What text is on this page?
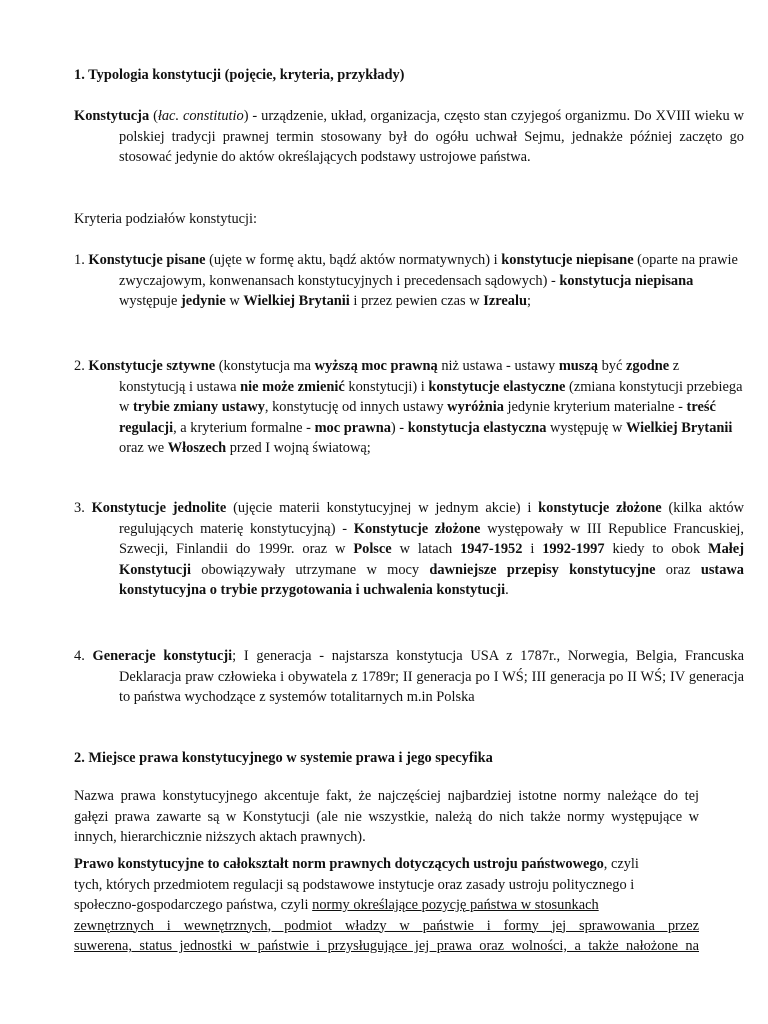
1. Typologia konstytucji (pojęcie, kryteria, przykłady)

Konstytucja (łac. constitutio) - urządzenie, układ, organizacja, często stan czyjegoś organizmu. Do XVIII wieku w polskiej tradycji prawnej termin stosowany był do ogółu uchwał Sejmu, jednakże później zaczęto go stosować jedynie do aktów określających podstawy ustrojowe państwa.

Kryteria podziałów konstytucji:

1. Konstytucje pisane (ujęte w formę aktu, bądź aktów normatywnych) i konstytucje niepisane (oparte na prawie zwyczajowym, konwenansach konstytucyjnych i precedensach sądowych) - konstytucja niepisana występuje jedynie w Wielkiej Brytanii i przez pewien czas w Izrealu;

2. Konstytucje sztywne (konstytucja ma wyższą moc prawną niż ustawa - ustawy muszą być zgodne z konstytucją i ustawa nie może zmienić konstytucji) i konstytucje elastyczne (zmiana konstytucji przebiega w trybie zmiany ustawy, konstytucję od innych ustawy wyróżnia jedynie kryterium materialne - treść regulacji, a kryterium formalne - moc prawna) - konstytucja elastyczna występuję w Wielkiej Brytanii oraz we Włoszech przed I wojną światową;

3. Konstytucje jednolite (ujęcie materii konstytucyjnej w jednym akcie) i konstytucje złożone (kilka aktów regulujących materię konstytucyjną) - Konstytucje złożone występowały w III Republice Francuskiej, Szwecji, Finlandii do 1999r. oraz w Polsce w latach 1947-1952 i 1992-1997 kiedy to obok Małej Konstytucji obowiązywały utrzymane w mocy dawniejsze przepisy konstytucyjne oraz ustawa konstytucyjna o trybie przygotowania i uchwalenia konstytucji.

4. Generacje konstytucji; I generacja - najstarsza konstytucja USA z 1787r., Norwegia, Belgia, Francuska Deklaracja praw człowieka i obywatela z 1789r; II generacja po I WŚ; III generacja po II WŚ; IV generacja to państwa wychodzące z systemów totalitarnych m.in Polska

2. Miejsce prawa konstytucyjnego w systemie prawa i jego specyfika

Nazwa prawa konstytucyjnego akcentuje fakt, że najczęściej najbardziej istotne normy należące do tej gałęzi prawa zawarte są w Konstytucji (ale nie wszystkie, należą do nich także normy występujące w innych, hierarchicznie niższych aktach prawnych).

Prawo konstytucyjne to całokształt norm prawnych dotyczących ustroju państwowego, czyli
tych, których przedmiotem regulacji są podstawowe instytucje oraz zasady ustroju politycznego i
społeczno-gospodarczego państwa, czyli normy określające pozycję państwa w stosunkach
zewnętrznych i wewnętrznych, podmiot władzy w państwie i formy jej sprawowania przez
suwerena, status jednostki w państwie i przysługujące jej prawa oraz wolności, a także nałożone na
